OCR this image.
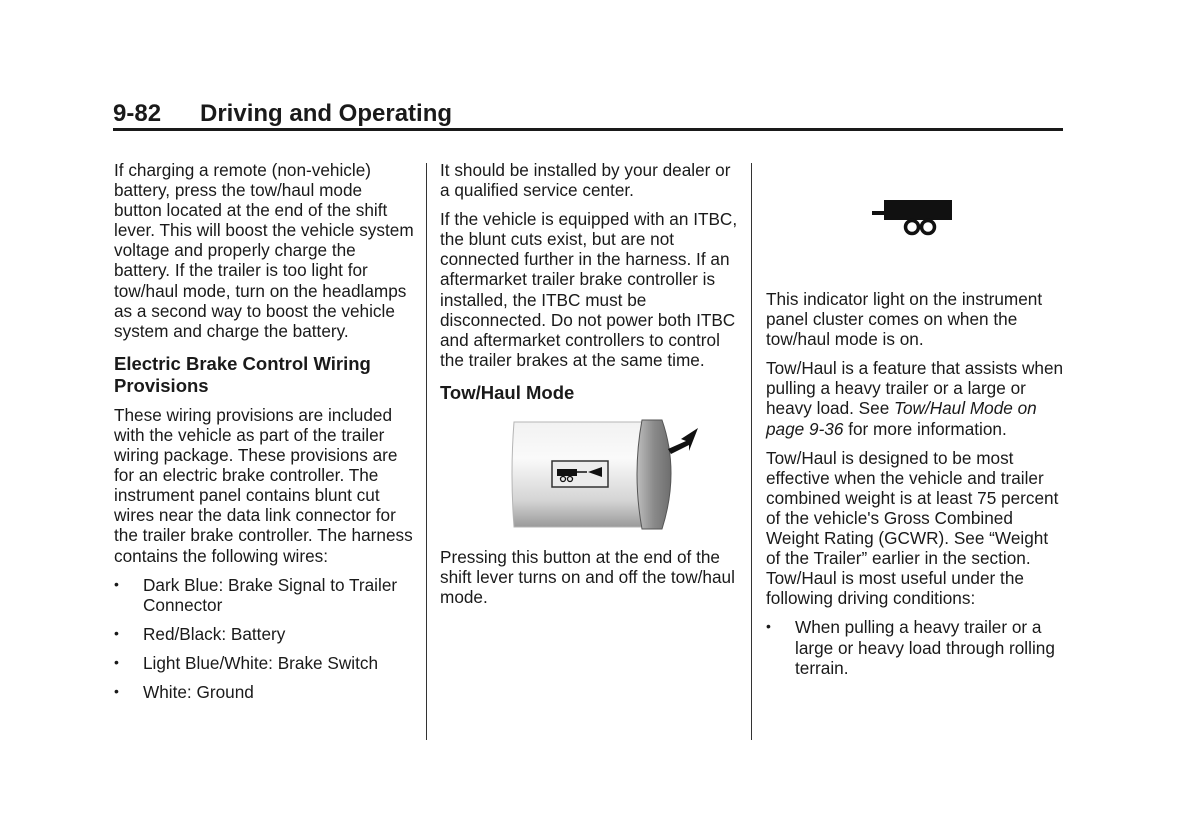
9-82 Driving and Operating

If charging a remote (non-vehicle) battery, press the tow/haul mode button located at the end of the shift lever. This will boost the vehicle system voltage and properly charge the battery. If the trailer is too light for tow/haul mode, turn on the headlamps as a second way to boost the vehicle system and charge the battery.

Electric Brake Control Wiring Provisions

These wiring provisions are included with the vehicle as part of the trailer wiring package. These provisions are for an electric brake controller. The instrument panel contains blunt cut wires near the data link connector for the trailer brake controller. The harness contains the following wires:

• Dark Blue: Brake Signal to Trailer Connector
• Red/Black: Battery
• Light Blue/White: Brake Switch
• White: Ground

It should be installed by your dealer or a qualified service center.

If the vehicle is equipped with an ITBC, the blunt cuts exist, but are not connected further in the harness. If an aftermarket trailer brake controller is installed, the ITBC must be disconnected. Do not power both ITBC and aftermarket controllers to control the trailer brakes at the same time.

Tow/Haul Mode

Pressing this button at the end of the shift lever turns on and off the tow/haul mode.

This indicator light on the instrument panel cluster comes on when the tow/haul mode is on.

Tow/Haul is a feature that assists when pulling a heavy trailer or a large or heavy load. See Tow/Haul Mode on page 9-36 for more information.

Tow/Haul is designed to be most effective when the vehicle and trailer combined weight is at least 75 percent of the vehicle's Gross Combined Weight Rating (GCWR). See “Weight of the Trailer” earlier in the section. Tow/Haul is most useful under the following driving conditions:

• When pulling a heavy trailer or a large or heavy load through rolling terrain.
